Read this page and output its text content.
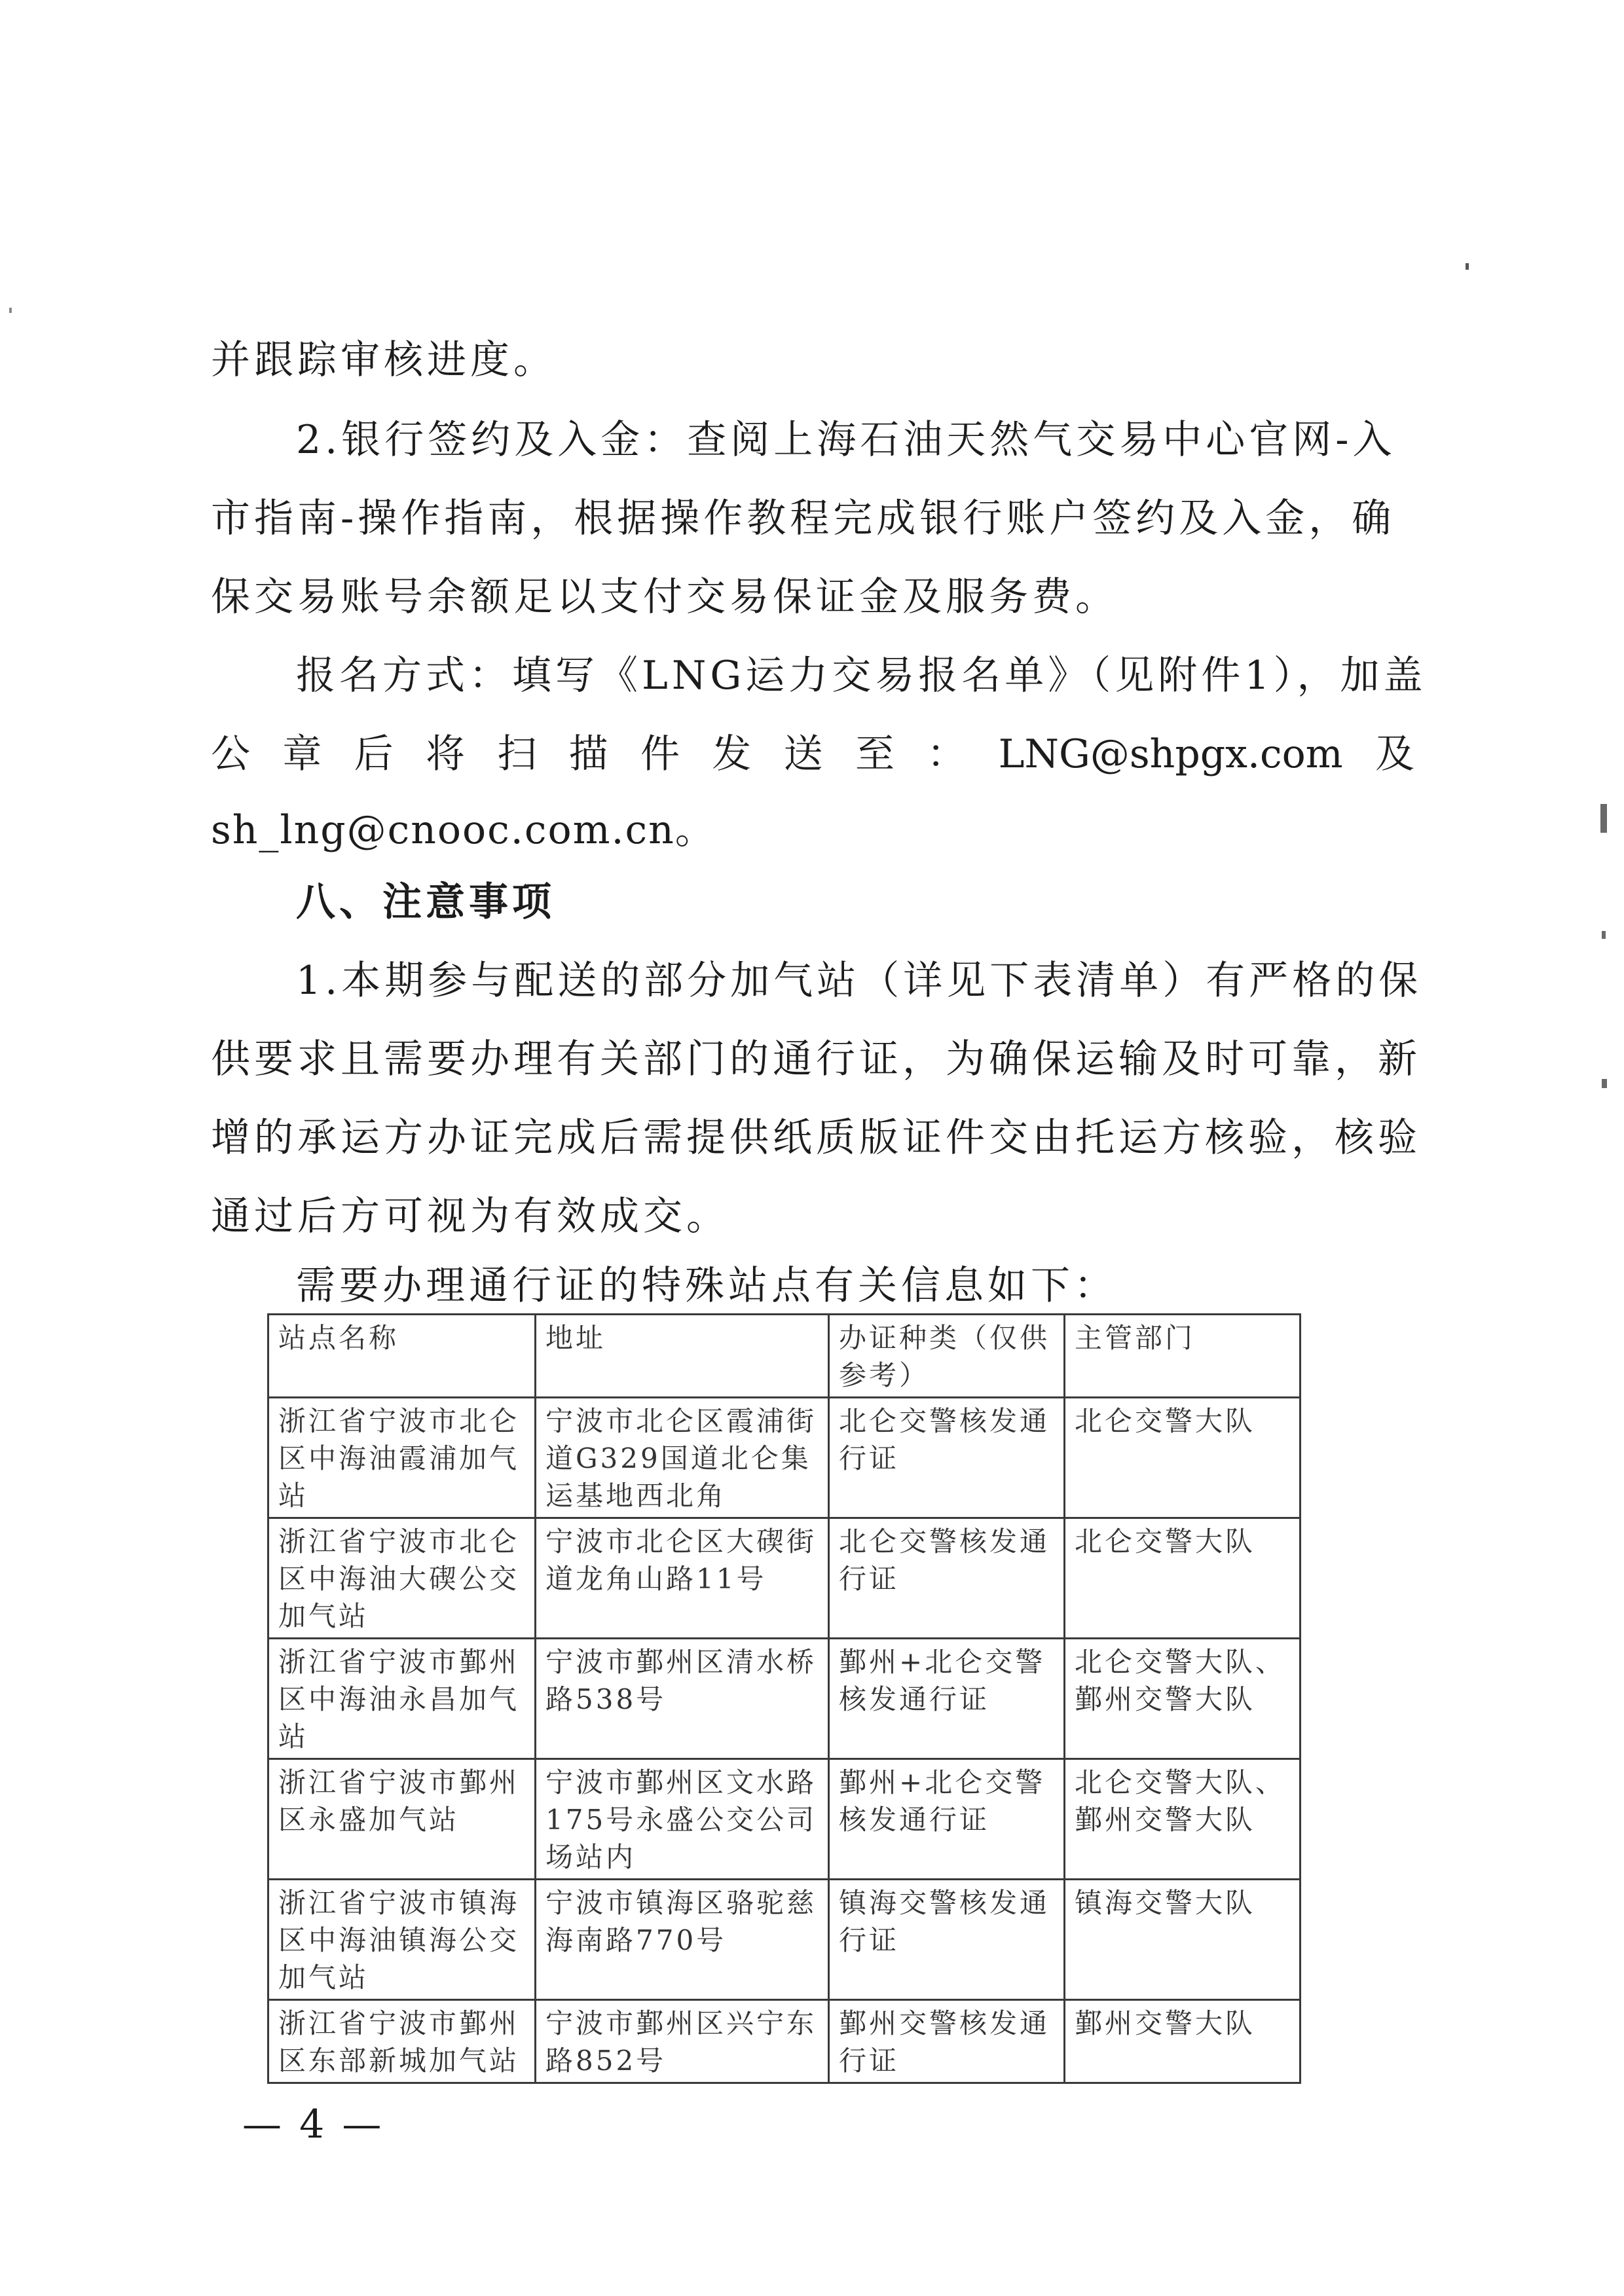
并跟踪审核进度。
2.银行签约及入金：查阅上海石油天然气交易中心官网-入
市指南-操作指南，根据操作教程完成银行账户签约及入金，确
保交易账号余额足以支付交易保证金及服务费。
报名方式：填写《LNG运力交易报名单》（见附件1），加盖
公 章 后 将 扫 描 件 发 送 至 ： LNG@shpgx.com 及
sh_lng@cnooc.com.cn。
八、注意事项
1.本期参与配送的部分加气站（详见下表清单）有严格的保
供要求且需要办理有关部门的通行证，为确保运输及时可靠，新
增的承运方办证完成后需提供纸质版证件交由托运方核验，核验
通过后方可视为有效成交。
需要办理通行证的特殊站点有关信息如下：
站点名称	地址	办证种类（仅供参考）	主管部门
浙江省宁波市北仑区中海油霞浦加气站	宁波市北仑区霞浦街道G329国道北仑集运基地西北角	北仑交警核发通行证	北仑交警大队
浙江省宁波市北仑区中海油大碶公交加气站	宁波市北仑区大碶街道龙角山路11号	北仑交警核发通行证	北仑交警大队
浙江省宁波市鄞州区中海油永昌加气站	宁波市鄞州区清水桥路538号	鄞州+北仑交警核发通行证	北仑交警大队、鄞州交警大队
浙江省宁波市鄞州区永盛加气站	宁波市鄞州区文水路175号永盛公交公司场站内	鄞州+北仑交警核发通行证	北仑交警大队、鄞州交警大队
浙江省宁波市镇海区中海油镇海公交加气站	宁波市镇海区骆驼慈海南路770号	镇海交警核发通行证	镇海交警大队
浙江省宁波市鄞州区东部新城加气站	宁波市鄞州区兴宁东路852号	鄞州交警核发通行证	鄞州交警大队
— 4 —
